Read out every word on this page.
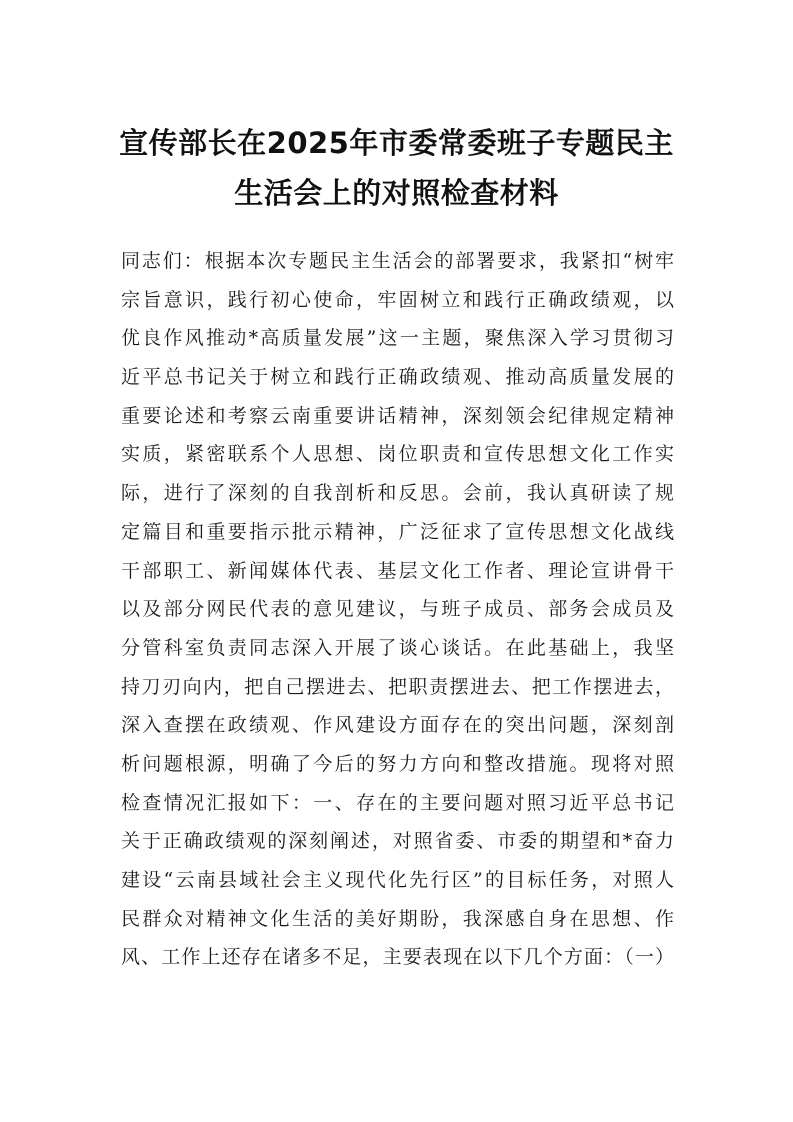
宣传部长在2025年市委常委班子专题民主
生活会上的对照检查材料
同志们：根据本次专题民主生活会的部署要求，我紧扣“树牢
宗旨意识，践行初心使命，牢固树立和践行正确政绩观，以
优良作风推动*高质量发展”这一主题，聚焦深入学习贯彻习
近平总书记关于树立和践行正确政绩观、推动高质量发展的
重要论述和考察云南重要讲话精神，深刻领会纪律规定精神
实质，紧密联系个人思想、岗位职责和宣传思想文化工作实
际，进行了深刻的自我剖析和反思。会前，我认真研读了规
定篇目和重要指示批示精神，广泛征求了宣传思想文化战线
干部职工、新闻媒体代表、基层文化工作者、理论宣讲骨干
以及部分网民代表的意见建议，与班子成员、部务会成员及
分管科室负责同志深入开展了谈心谈话。在此基础上，我坚
持刀刃向内，把自己摆进去、把职责摆进去、把工作摆进去，
深入查摆在政绩观、作风建设方面存在的突出问题，深刻剖
析问题根源，明确了今后的努力方向和整改措施。现将对照
检查情况汇报如下：一、存在的主要问题对照习近平总书记
关于正确政绩观的深刻阐述，对照省委、市委的期望和*奋力
建设“云南县域社会主义现代化先行区”的目标任务，对照人
民群众对精神文化生活的美好期盼，我深感自身在思想、作
风、工作上还存在诸多不足，主要表现在以下几个方面：（一）
